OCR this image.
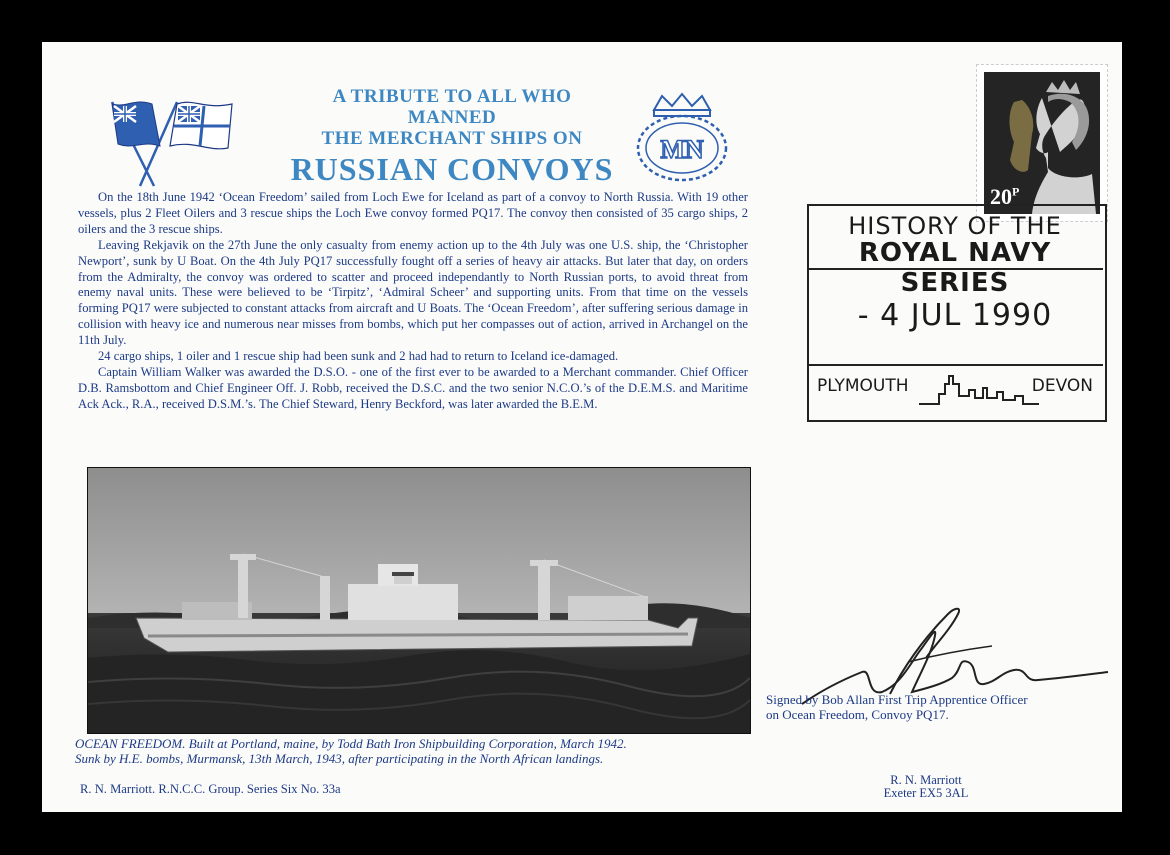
A TRIBUTE TO ALL WHO MANNED
THE MERCHANT SHIPS ON
RUSSIAN CONVOYS
MN

On the 18th June 1942 ‘Ocean Freedom’ sailed from Loch Ewe for Iceland as part of a convoy to North Russia. With 19 other vessels, plus 2 Fleet Oilers and 3 rescue ships the Loch Ewe convoy formed PQ17. The convoy then consisted of 35 cargo ships, 2 oilers and the 3 rescue ships.

Leaving Rekjavik on the 27th June the only casualty from enemy action up to the 4th July was one U.S. ship, the ‘Christopher Newport’, sunk by U Boat. On the 4th July PQ17 successfully fought off a series of heavy air attacks. But later that day, on orders from the Admiralty, the convoy was ordered to scatter and proceed independantly to North Russian ports, to avoid threat from enemy naval units. These were believed to be ‘Tirpitz’, ‘Admiral Scheer’ and supporting units. From that time on the vessels forming PQ17 were subjected to constant attacks from aircraft and U Boats. The ‘Ocean Freedom’, after suffering serious damage in collision with heavy ice and numerous near misses from bombs, which put her compasses out of action, arrived in Archangel on the 11th July.

24 cargo ships, 1 oiler and 1 rescue ship had been sunk and 2 had had to return to Iceland ice-damaged.

Captain William Walker was awarded the D.S.O. - one of the first ever to be awarded to a Merchant commander. Chief Officer D.B. Ramsbottom and Chief Engineer Off. J. Robb, received the D.S.C. and the two senior N.C.O.’s of the D.E.M.S. and Maritime Ack Ack., R.A., received D.S.M.’s. The Chief Steward, Henry Beckford, was later awarded the B.E.M.

$20^P$
HISTORY OF THE
ROYAL NAVY SERIES
- 4 JUL 1990
PLYMOUTH	DEVON
OCEAN FREEDOM. Built at Portland, maine, by Todd Bath Iron Shipbuilding Corporation, March 1942.
Sunk by H.E. bombs, Murmansk, 13th March, 1943, after participating in the North African landings.
R. N. Marriott. R.N.C.C. Group. Series Six No. 33a
Signed by Bob Allan First Trip Apprentice Officer
on Ocean Freedom, Convoy PQ17.
R. N. Marriott
Exeter EX5 3AL
